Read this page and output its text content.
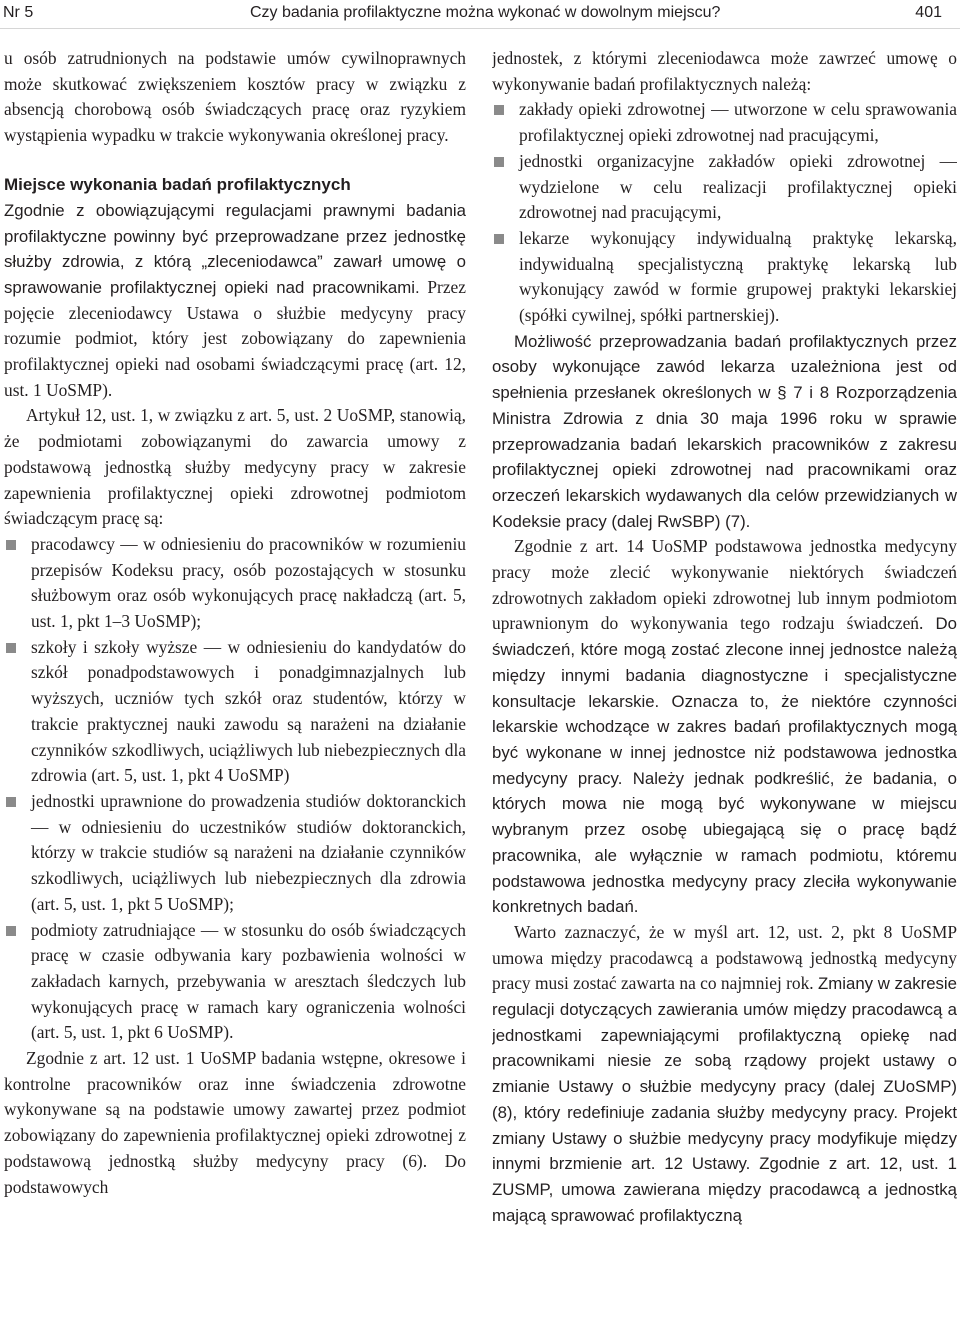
Nr 5	Czy badania profilaktyczne można wykonać w dowolnym miejscu?	401

u osób zatrudnionych na podstawie umów cywilnoprawnych może skutkować zwiększeniem kosztów pracy w związku z absencją chorobową osób świadczących pracę oraz ryzykiem wystąpienia wypadku w trakcie wykonywania określonej pracy.

Miejsce wykonania badań profilaktycznych

Zgodnie z obowiązującymi regulacjami prawnymi badania profilaktyczne powinny być przeprowadzane przez jednostkę służby zdrowia, z którą „zleceniodawca” zawarł umowę o sprawowanie profilaktycznej opieki nad pracownikami. Przez pojęcie zleceniodawcy Ustawa o służbie medycyny pracy rozumie podmiot, który jest zobowiązany do zapewnienia profilaktycznej opieki nad osobami świadczącymi pracę (art. 12, ust. 1 UoSMP).

Artykuł 12, ust. 1, w związku z art. 5, ust. 2 UoSMP, stanowią, że podmiotami zobowiązanymi do zawarcia umowy z podstawową jednostką służby medycyny pracy w zakresie zapewnienia profilaktycznej opieki zdrowotnej podmiotom świadczącym pracę są:

pracodawcy — w odniesieniu do pracowników w rozumieniu przepisów Kodeksu pracy, osób pozostających w stosunku służbowym oraz osób wykonujących pracę nakładczą (art. 5, ust. 1, pkt 1–3 UoSMP);
szkoły i szkoły wyższe — w odniesieniu do kandydatów do szkół ponadpodstawowych i ponadgimnazjalnych lub wyższych, uczniów tych szkół oraz studentów, którzy w trakcie praktycznej nauki zawodu są narażeni na działanie czynników szkodliwych, uciążliwych lub niebezpiecznych dla zdrowia (art. 5, ust. 1, pkt 4 UoSMP)
jednostki uprawnione do prowadzenia studiów doktoranckich — w odniesieniu do uczestników studiów doktoranckich, którzy w trakcie studiów są narażeni na działanie czynników szkodliwych, uciążliwych lub niebezpiecznych dla zdrowia (art. 5, ust. 1, pkt 5 UoSMP);
podmioty zatrudniające — w stosunku do osób świadczących pracę w czasie odbywania kary pozbawienia wolności w zakładach karnych, przebywania w aresztach śledczych lub wykonujących pracę w ramach kary ograniczenia wolności (art. 5, ust. 1, pkt 6 UoSMP).

Zgodnie z art. 12 ust. 1 UoSMP badania wstępne, okresowe i kontrolne pracowników oraz inne świadczenia zdrowotne wykonywane są na podstawie umowy zawartej przez podmiot zobowiązany do zapewnienia profilaktycznej opieki zdrowotnej z podstawową jednostką służby medycyny pracy (6). Do podstawowych

jednostek, z którymi zleceniodawca może zawrzeć umowę o wykonywanie badań profilaktycznych należą:

zakłady opieki zdrowotnej — utworzone w celu sprawowania profilaktycznej opieki zdrowotnej nad pracującymi,
jednostki organizacyjne zakładów opieki zdrowotnej — wydzielone w celu realizacji profilaktycznej opieki zdrowotnej nad pracującymi,
lekarze wykonujący indywidualną praktykę lekarską, indywidualną specjalistyczną praktykę lekarską lub wykonujący zawód w formie grupowej praktyki lekarskiej (spółki cywilnej, spółki partnerskiej).

Możliwość przeprowadzania badań profilaktycznych przez osoby wykonujące zawód lekarza uzależniona jest od spełnienia przesłanek określonych w § 7 i 8 Rozporządzenia Ministra Zdrowia z dnia 30 maja 1996 roku w sprawie przeprowadzania badań lekarskich pracowników z zakresu profilaktycznej opieki zdrowotnej nad pracownikami oraz orzeczeń lekarskich wydawanych dla celów przewidzianych w Kodeksie pracy (dalej RwSBP) (7).

Zgodnie z art. 14 UoSMP podstawowa jednostka medycyny pracy może zlecić wykonywanie niektórych świadczeń zdrowotnych zakładom opieki zdrowotnej lub innym podmiotom uprawnionym do wykonywania tego rodzaju świadczeń. Do świadczeń, które mogą zostać zlecone innej jednostce należą między innymi badania diagnostyczne i specjalistyczne konsultacje lekarskie. Oznacza to, że niektóre czynności lekarskie wchodzące w zakres badań profilaktycznych mogą być wykonane w innej jednostce niż podstawowa jednostka medycyny pracy. Należy jednak podkreślić, że badania, o których mowa nie mogą być wykonywane w miejscu wybranym przez osobę ubiegającą się o pracę bądź pracownika, ale wyłącznie w ramach podmiotu, któremu podstawowa jednostka medycyny pracy zleciła wykonywanie konkretnych badań.

Warto zaznaczyć, że w myśl art. 12, ust. 2, pkt 8 UoSMP umowa między pracodawcą a podstawową jednostką medycyny pracy musi zostać zawarta na co najmniej rok. Zmiany w zakresie regulacji dotyczących zawierania umów między pracodawcą a jednostkami zapewniającymi profilaktyczną opiekę nad pracownikami niesie ze sobą rządowy projekt ustawy o zmianie Ustawy o służbie medycyny pracy (dalej ZUoSMP) (8), który redefiniuje zadania służby medycyny pracy. Projekt zmiany Ustawy o służbie medycyny pracy modyfikuje między innymi brzmienie art. 12 Ustawy. Zgodnie z art. 12, ust. 1 ZUSMP, umowa zawierana między pracodawcą a jednostką mającą sprawować profilaktyczną
